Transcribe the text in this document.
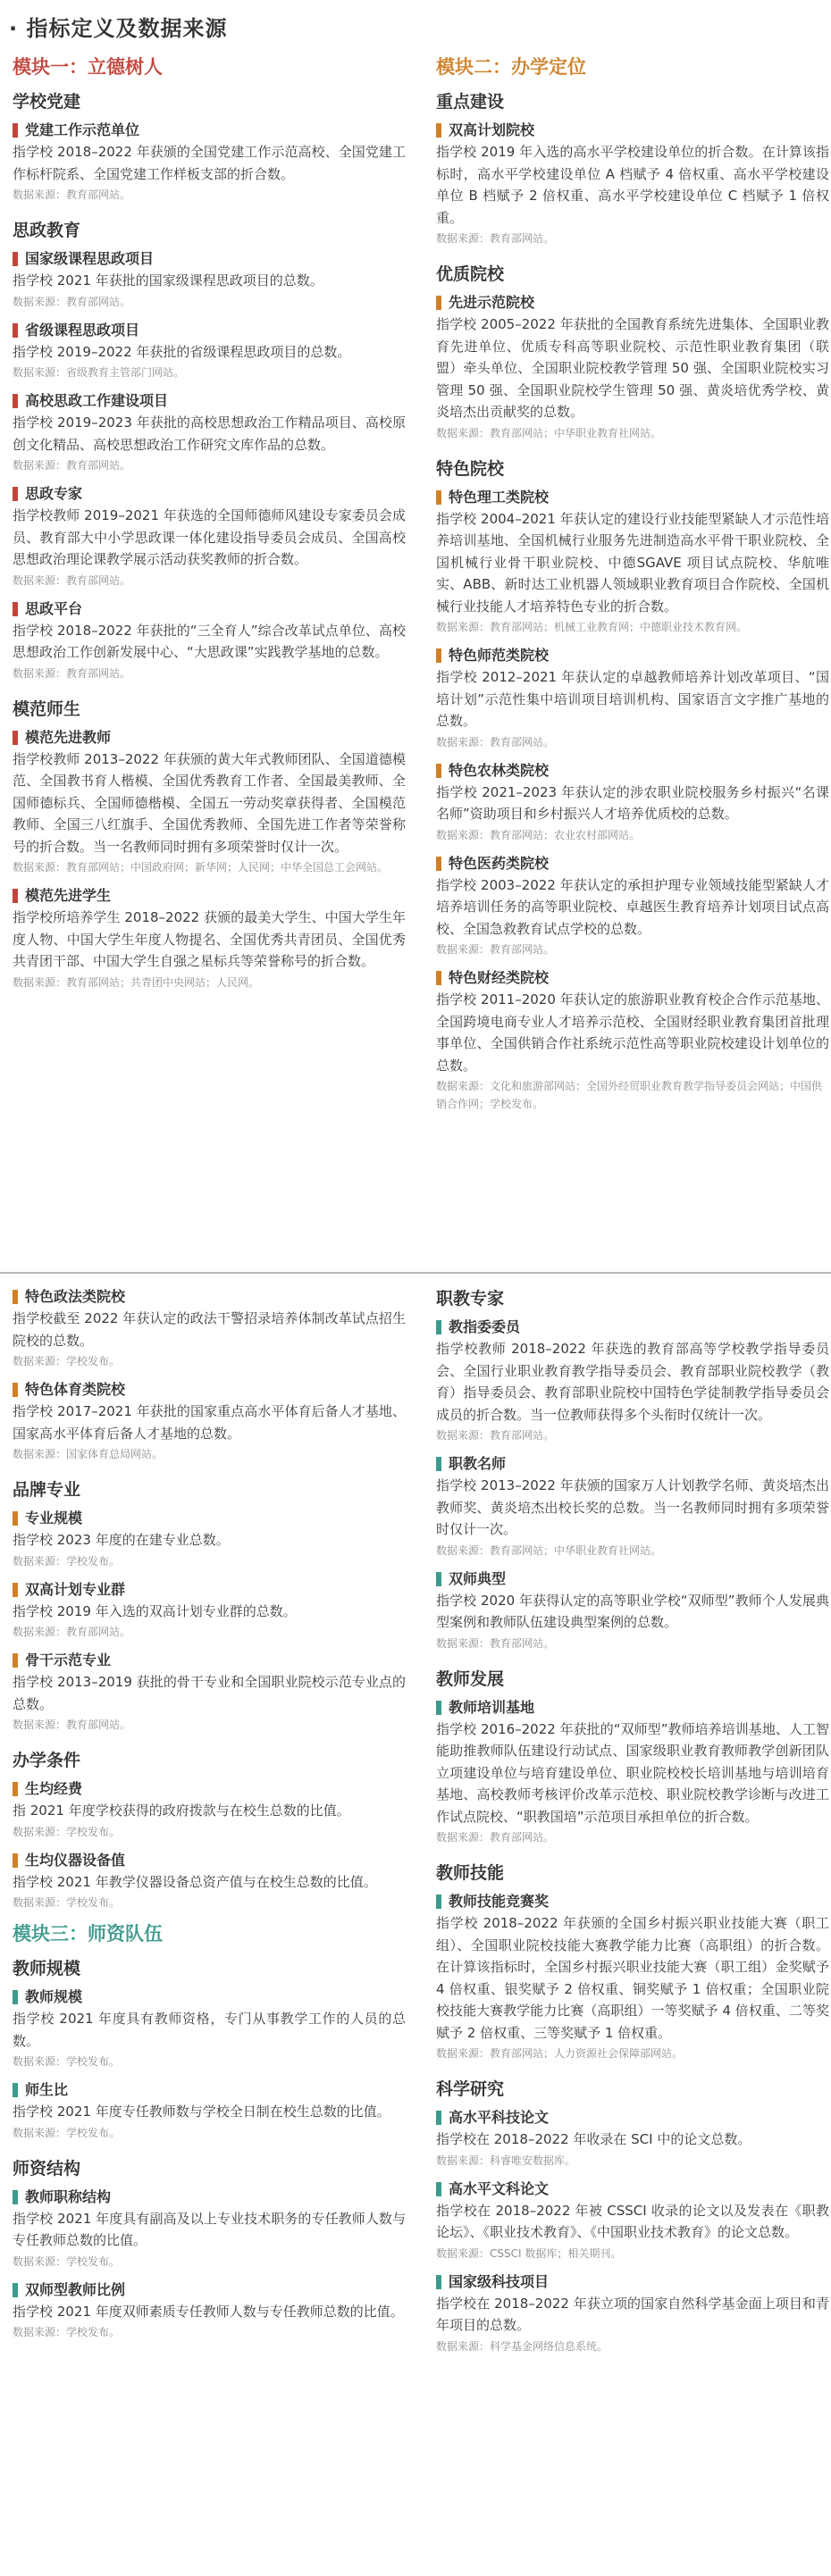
· 指标定义及数据来源
模块一：立德树人
学校党建
党建工作示范单位
指学校 2018–2022 年获颁的全国党建工作示范高校、全国党建工作标杆院系、全国党建工作样板支部的折合数。
数据来源：教育部网站。
思政教育
国家级课程思政项目
指学校 2021 年获批的国家级课程思政项目的总数。
数据来源：教育部网站。
省级课程思政项目
指学校 2019–2022 年获批的省级课程思政项目的总数。
数据来源：省级教育主管部门网站。
高校思政工作建设项目
指学校 2019–2023 年获批的高校思想政治工作精品项目、高校原创文化精品、高校思想政治工作研究文库作品的总数。
数据来源：教育部网站。
思政专家
指学校教师 2019–2021 年获选的全国师德师风建设专家委员会成员、教育部大中小学思政课一体化建设指导委员会成员、全国高校思想政治理论课教学展示活动获奖教师的折合数。
数据来源：教育部网站。
思政平台
指学校 2018–2022 年获批的“三全育人”综合改革试点单位、高校思想政治工作创新发展中心、“大思政课”实践教学基地的总数。
数据来源：教育部网站。
模范师生
模范先进教师
指学校教师 2013–2022 年获颁的黄大年式教师团队、全国道德模范、全国教书育人楷模、全国优秀教育工作者、全国最美教师、全国师德标兵、全国师德楷模、全国五一劳动奖章获得者、全国模范教师、全国三八红旗手、全国优秀教师、全国先进工作者等荣誉称号的折合数。当一名教师同时拥有多项荣誉时仅计一次。
数据来源：教育部网站；中国政府网；新华网；人民网；中华全国总工会网站。
模范先进学生
指学校所培养学生 2018–2022 获颁的最美大学生、中国大学生年度人物、中国大学生年度人物提名、全国优秀共青团员、全国优秀共青团干部、中国大学生自强之星标兵等荣誉称号的折合数。
数据来源：教育部网站；共青团中央网站；人民网。
模块二：办学定位
重点建设
双高计划院校
指学校 2019 年入选的高水平学校建设单位的折合数。在计算该指标时，高水平学校建设单位 A 档赋予 4 倍权重、高水平学校建设单位 B 档赋予 2 倍权重、高水平学校建设单位 C 档赋予 1 倍权重。
数据来源：教育部网站。
优质院校
先进示范院校
指学校 2005–2022 年获批的全国教育系统先进集体、全国职业教育先进单位、优质专科高等职业院校、示范性职业教育集团（联盟）牵头单位、全国职业院校教学管理 50 强、全国职业院校实习管理 50 强、全国职业院校学生管理 50 强、黄炎培优秀学校、黄炎培杰出贡献奖的总数。
数据来源：教育部网站；中华职业教育社网站。
特色院校
特色理工类院校
指学校 2004–2021 年获认定的建设行业技能型紧缺人才示范性培养培训基地、全国机械行业服务先进制造高水平骨干职业院校、全国机械行业骨干职业院校、中德SGAVE 项目试点院校、华航唯实、ABB、新时达工业机器人领域职业教育项目合作院校、全国机械行业技能人才培养特色专业的折合数。
数据来源：教育部网站；机械工业教育网；中德职业技术教育网。
特色师范类院校
指学校 2012–2021 年获认定的卓越教师培养计划改革项目、“国培计划”示范性集中培训项目培训机构、国家语言文字推广基地的总数。
数据来源：教育部网站。
特色农林类院校
指学校 2021–2023 年获认定的涉农职业院校服务乡村振兴“名课名师”资助项目和乡村振兴人才培养优质校的总数。
数据来源：教育部网站；农业农村部网站。
特色医药类院校
指学校 2003–2022 年获认定的承担护理专业领域技能型紧缺人才培养培训任务的高等职业院校、卓越医生教育培养计划项目试点高校、全国急救教育试点学校的总数。
数据来源：教育部网站。
特色财经类院校
指学校 2011–2020 年获认定的旅游职业教育校企合作示范基地、全国跨境电商专业人才培养示范校、全国财经职业教育集团首批理事单位、全国供销合作社系统示范性高等职业院校建设计划单位的总数。
数据来源：文化和旅游部网站；全国外经贸职业教育教学指导委员会网站；中国供销合作网；学校发布。
特色政法类院校
指学校截至 2022 年获认定的政法干警招录培养体制改革试点招生院校的总数。
数据来源：学校发布。
特色体育类院校
指学校 2017–2021 年获批的国家重点高水平体育后备人才基地、国家高水平体育后备人才基地的总数。
数据来源：国家体育总局网站。
品牌专业
专业规模
指学校 2023 年度的在建专业总数。
数据来源：学校发布。
双高计划专业群
指学校 2019 年入选的双高计划专业群的总数。
数据来源：教育部网站。
骨干示范专业
指学校 2013–2019 获批的骨干专业和全国职业院校示范专业点的总数。
数据来源：教育部网站。
办学条件
生均经费
指 2021 年度学校获得的政府拨款与在校生总数的比值。
数据来源：学校发布。
生均仪器设备值
指学校 2021 年教学仪器设备总资产值与在校生总数的比值。
数据来源：学校发布。
模块三：师资队伍
教师规模
教师规模
指学校 2021 年度具有教师资格，专门从事教学工作的人员的总数。
数据来源：学校发布。
师生比
指学校 2021 年度专任教师数与学校全日制在校生总数的比值。
数据来源：学校发布。
师资结构
教师职称结构
指学校 2021 年度具有副高及以上专业技术职务的专任教师人数与专任教师总数的比值。
数据来源：学校发布。
双师型教师比例
指学校 2021 年度双师素质专任教师人数与专任教师总数的比值。
数据来源：学校发布。
职教专家
教指委委员
指学校教师 2018–2022 年获选的教育部高等学校教学指导委员会、全国行业职业教育教学指导委员会、教育部职业院校教学（教育）指导委员会、教育部职业院校中国特色学徒制教学指导委员会成员的折合数。当一位教师获得多个头衔时仅统计一次。
数据来源：教育部网站。
职教名师
指学校 2013–2022 年获颁的国家万人计划教学名师、黄炎培杰出教师奖、黄炎培杰出校长奖的总数。当一名教师同时拥有多项荣誉时仅计一次。
数据来源：教育部网站；中华职业教育社网站。
双师典型
指学校 2020 年获得认定的高等职业学校“双师型”教师个人发展典型案例和教师队伍建设典型案例的总数。
数据来源：教育部网站。
教师发展
教师培训基地
指学校 2016–2022 年获批的“双师型”教师培养培训基地、人工智能助推教师队伍建设行动试点、国家级职业教育教师教学创新团队立项建设单位与培育建设单位、职业院校校长培训基地与培训培育基地、高校教师考核评价改革示范校、职业院校教学诊断与改进工作试点院校、“职教国培”示范项目承担单位的折合数。
数据来源：教育部网站。
教师技能
教师技能竞赛奖
指学校 2018–2022 年获颁的全国乡村振兴职业技能大赛（职工组）、全国职业院校技能大赛教学能力比赛（高职组）的折合数。在计算该指标时，全国乡村振兴职业技能大赛（职工组）金奖赋予 4 倍权重、银奖赋予 2 倍权重、铜奖赋予 1 倍权重；全国职业院校技能大赛教学能力比赛（高职组）一等奖赋予 4 倍权重、二等奖赋予 2 倍权重、三等奖赋予 1 倍权重。
数据来源：教育部网站；人力资源社会保障部网站。
科学研究
高水平科技论文
指学校在 2018–2022 年收录在 SCI 中的论文总数。
数据来源：科睿唯安数据库。
高水平文科论文
指学校在 2018–2022 年被 CSSCI 收录的论文以及发表在《职教论坛》、《职业技术教育》、《中国职业技术教育》的论文总数。
数据来源：CSSCI 数据库；相关期刊。
国家级科技项目
指学校在 2018–2022 年获立项的国家自然科学基金面上项目和青年项目的总数。
数据来源：科学基金网络信息系统。
